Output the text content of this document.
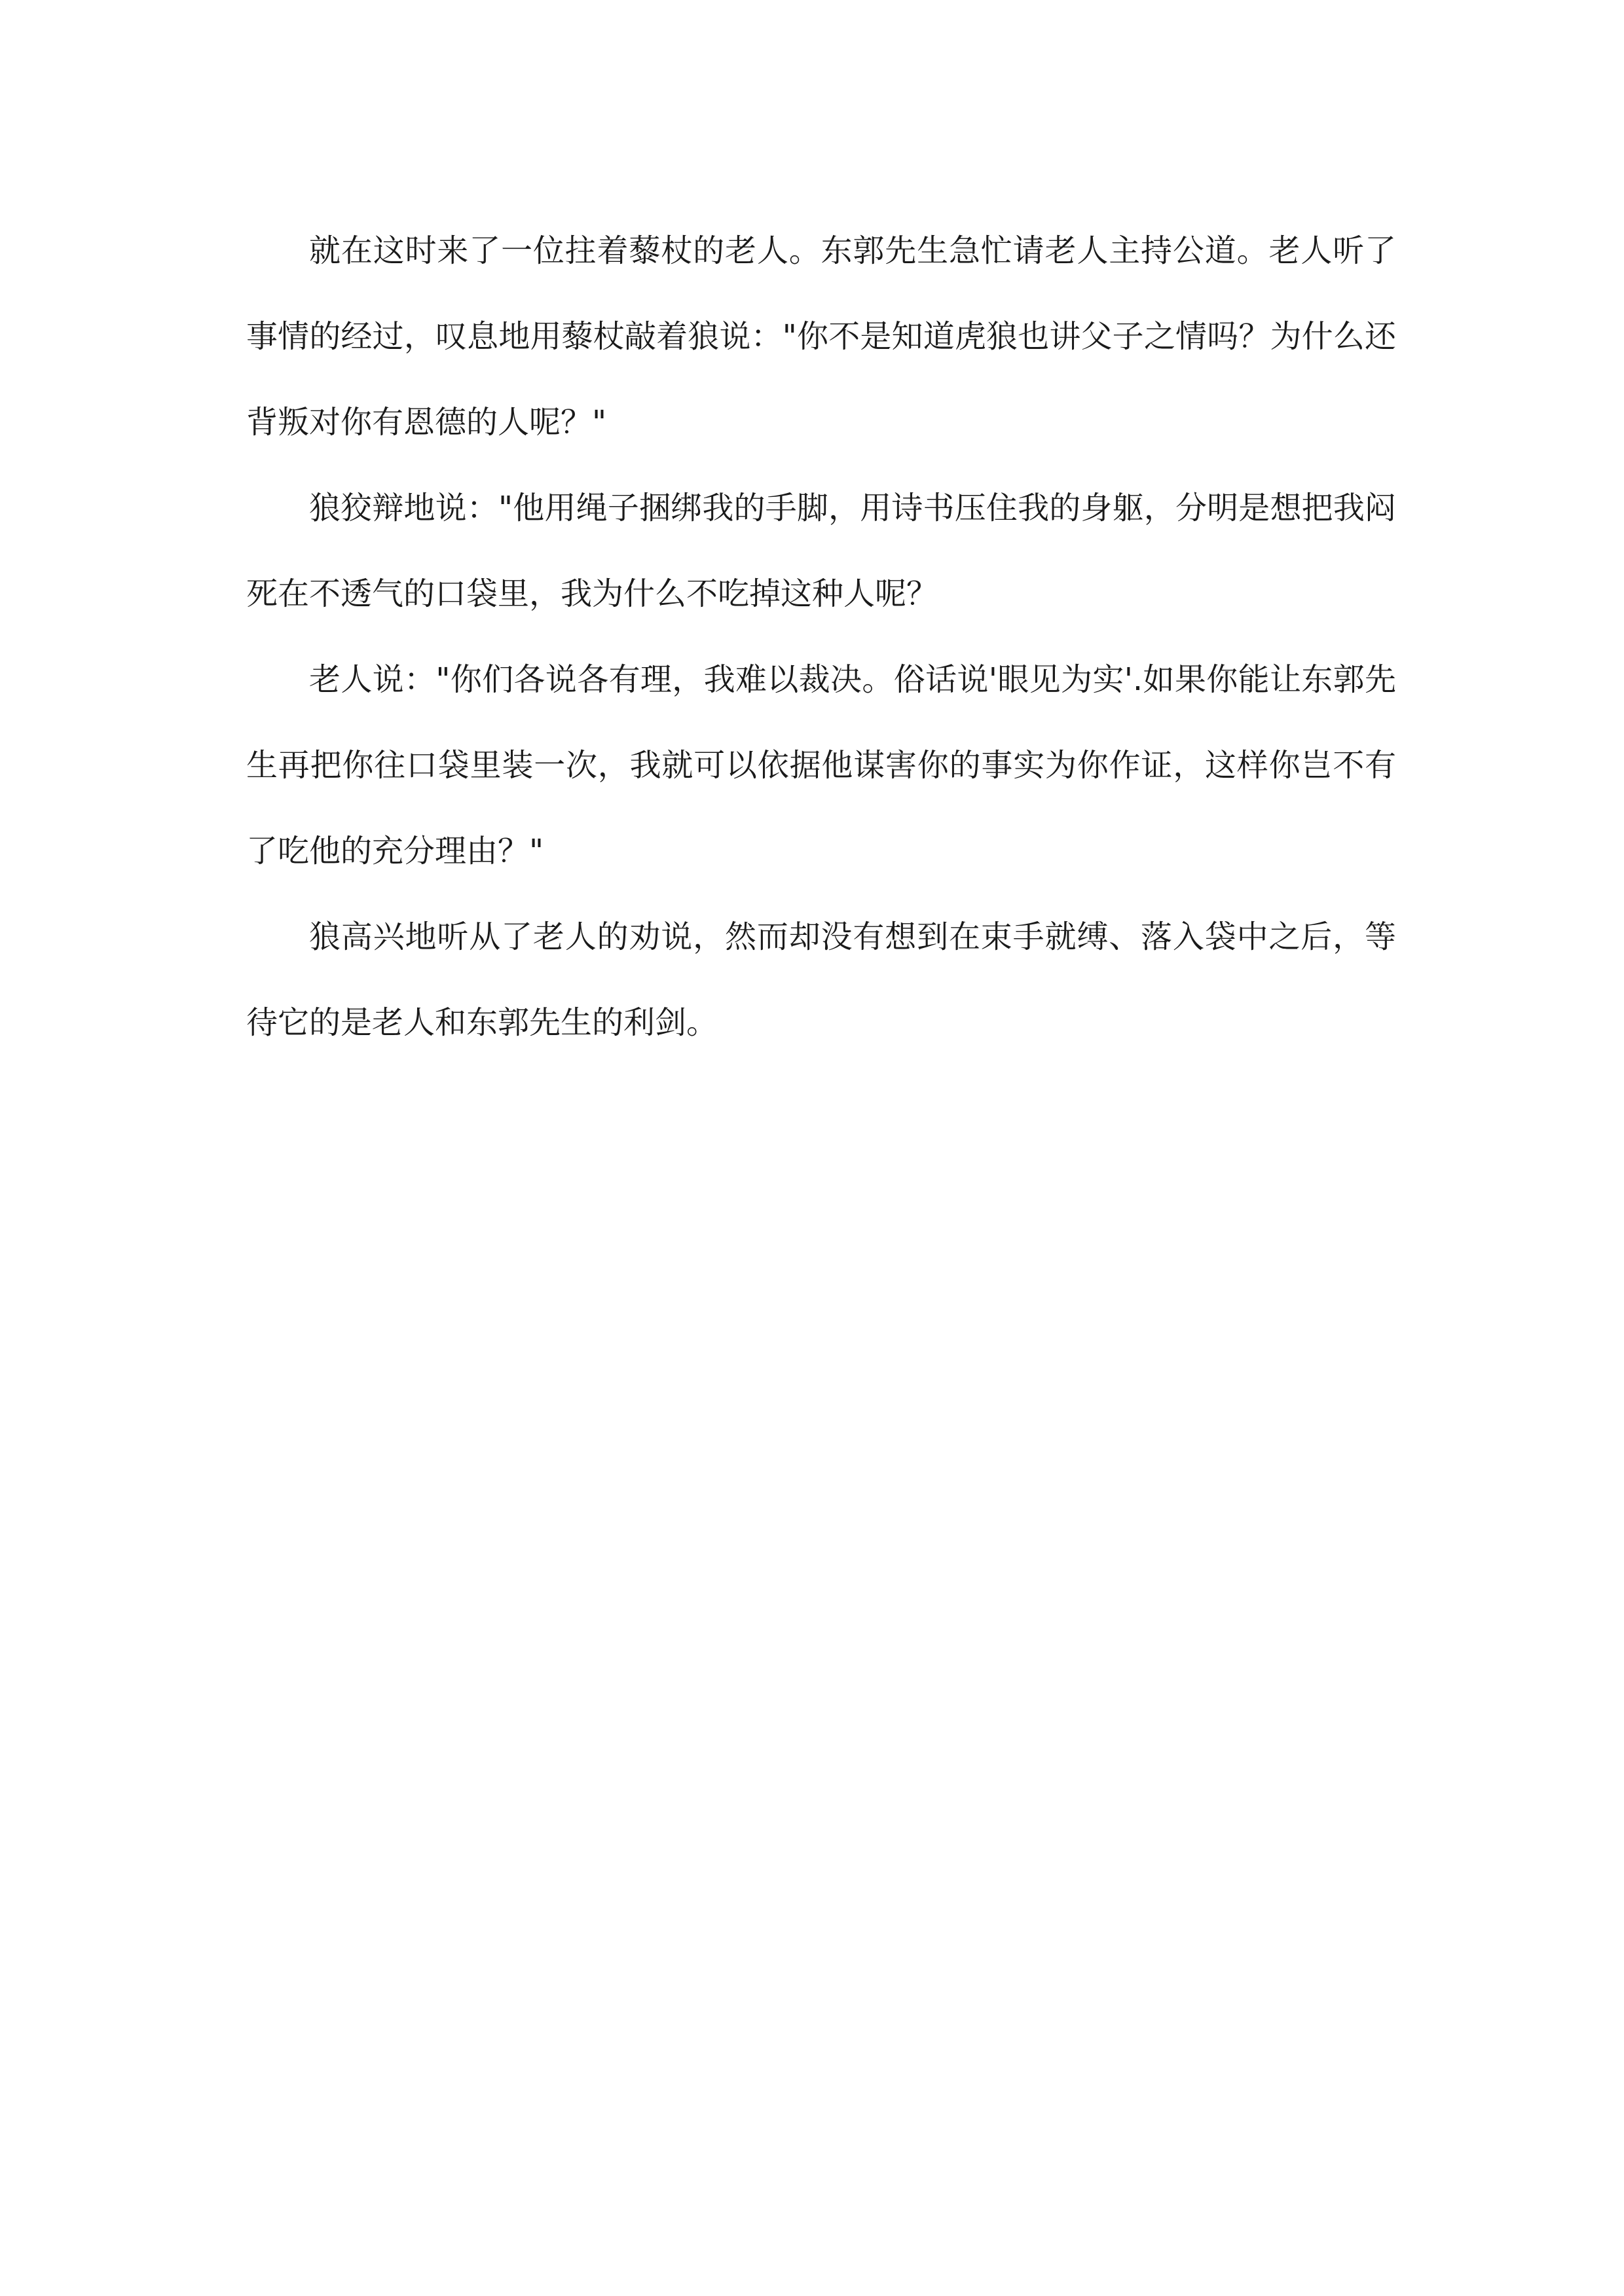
就在这时来了一位拄着藜杖的老人。东郭先生急忙请老人主持公道。老人听了事情的经过，叹息地用藜杖敲着狼说："你不是知道虎狼也讲父子之情吗？为什么还背叛对你有恩德的人呢？"

狼狡辩地说："他用绳子捆绑我的手脚，用诗书压住我的身躯，分明是想把我闷死在不透气的口袋里，我为什么不吃掉这种人呢？

老人说："你们各说各有理，我难以裁决。俗话说'眼见为实'.如果你能让东郭先生再把你往口袋里装一次，我就可以依据他谋害你的事实为你作证，这样你岂不有了吃他的充分理由？"

狼高兴地听从了老人的劝说，然而却没有想到在束手就缚、落入袋中之后，等待它的是老人和东郭先生的利剑。
